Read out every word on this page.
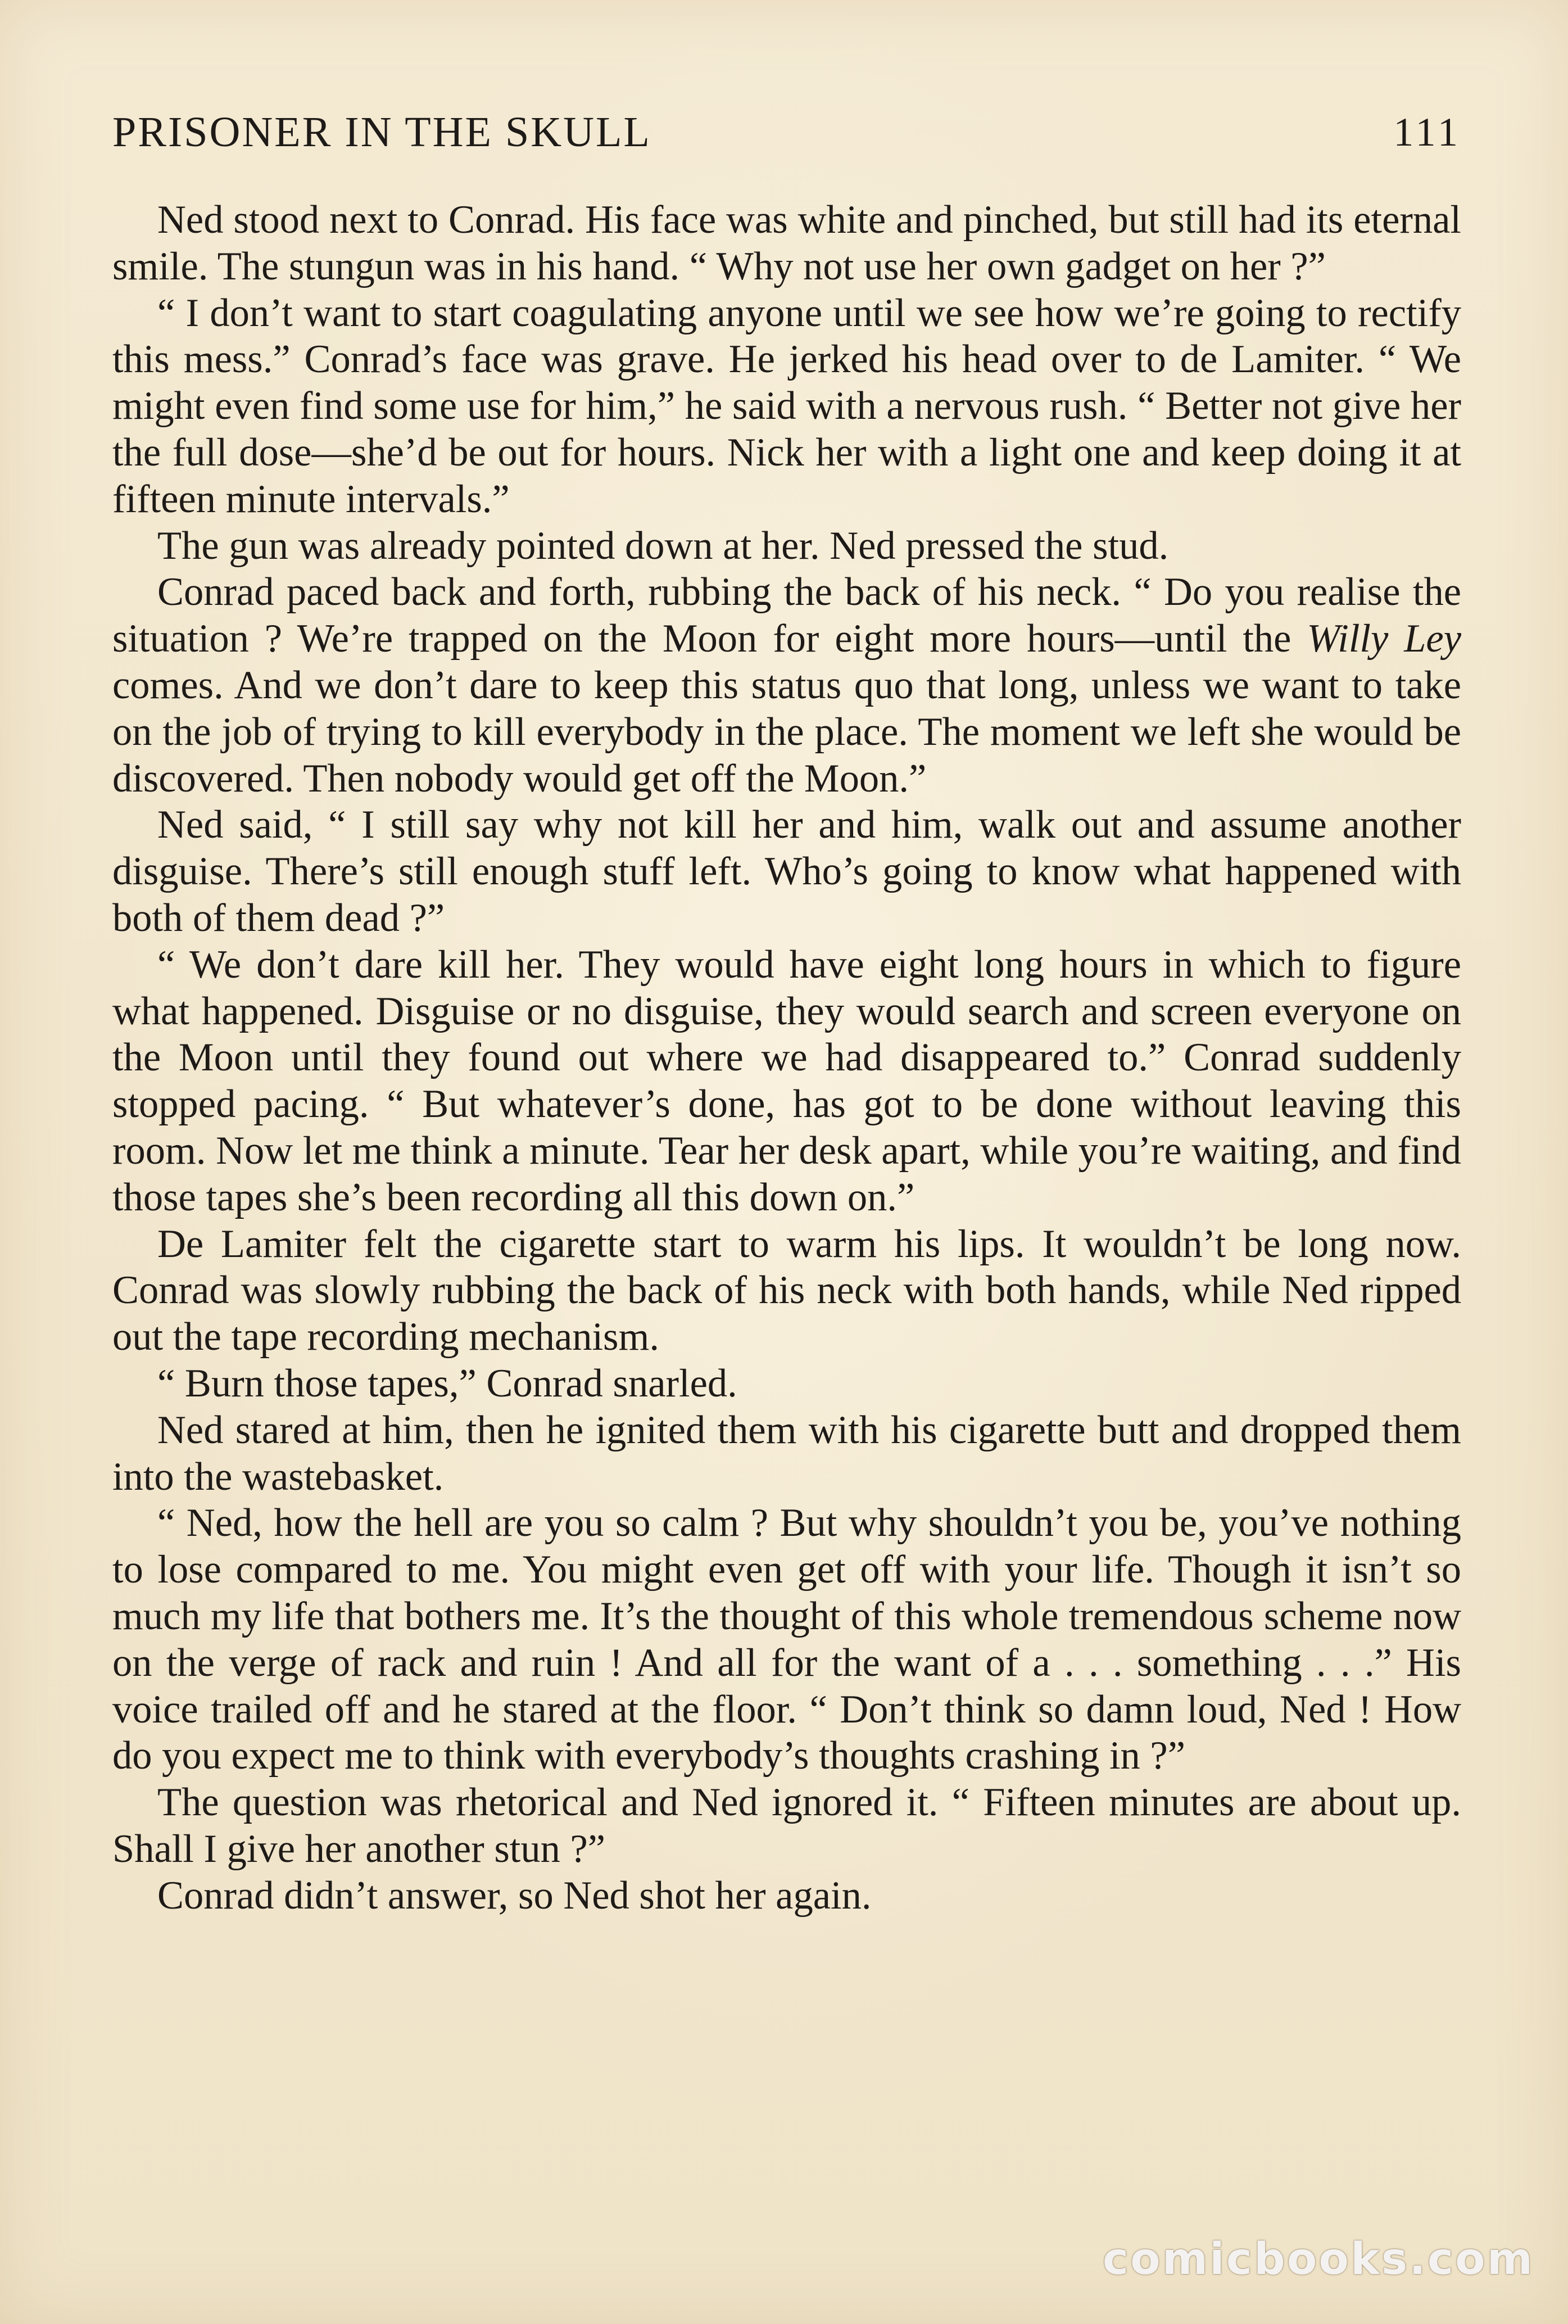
PRISONER IN THE SKULL	111

Ned stood next to Conrad. His face was white and pinched, but still had its eternal smile. The stungun was in his hand. “ Why not use her own gadget on her ?”

“ I don’t want to start coagulating anyone until we see how we’re going to rectify this mess.” Conrad’s face was grave. He jerked his head over to de Lamiter. “ We might even find some use for him,” he said with a nervous rush. “ Better not give her the full dose—she’d be out for hours. Nick her with a light one and keep doing it at fifteen minute intervals.”

The gun was already pointed down at her. Ned pressed the stud.

Conrad paced back and forth, rubbing the back of his neck. “ Do you realise the situation ? We’re trapped on the Moon for eight more hours—until the Willy Ley comes. And we don’t dare to keep this status quo that long, unless we want to take on the job of trying to kill everybody in the place. The moment we left she would be discovered. Then nobody would get off the Moon.”

Ned said, “ I still say why not kill her and him, walk out and assume another disguise. There’s still enough stuff left. Who’s going to know what happened with both of them dead ?”

“ We don’t dare kill her. They would have eight long hours in which to figure what happened. Disguise or no disguise, they would search and screen everyone on the Moon until they found out where we had disappeared to.” Conrad suddenly stopped pacing. “ But whatever’s done, has got to be done without leaving this room. Now let me think a minute. Tear her desk apart, while you’re waiting, and find those tapes she’s been recording all this down on.”

De Lamiter felt the cigarette start to warm his lips. It wouldn’t be long now. Conrad was slowly rubbing the back of his neck with both hands, while Ned ripped out the tape recording mechanism.

“ Burn those tapes,” Conrad snarled.

Ned stared at him, then he ignited them with his cigarette butt and dropped them into the wastebasket.

“ Ned, how the hell are you so calm ? But why shouldn’t you be, you’ve nothing to lose compared to me. You might even get off with your life. Though it isn’t so much my life that bothers me. It’s the thought of this whole tremendous scheme now on the verge of rack and ruin ! And all for the want of a . . . something . . .” His voice trailed off and he stared at the floor. “ Don’t think so damn loud, Ned ! How do you expect me to think with everybody’s thoughts crashing in ?”

The question was rhetorical and Ned ignored it. “ Fifteen minutes are about up. Shall I give her another stun ?”

Conrad didn’t answer, so Ned shot her again.

comicbooks.com
